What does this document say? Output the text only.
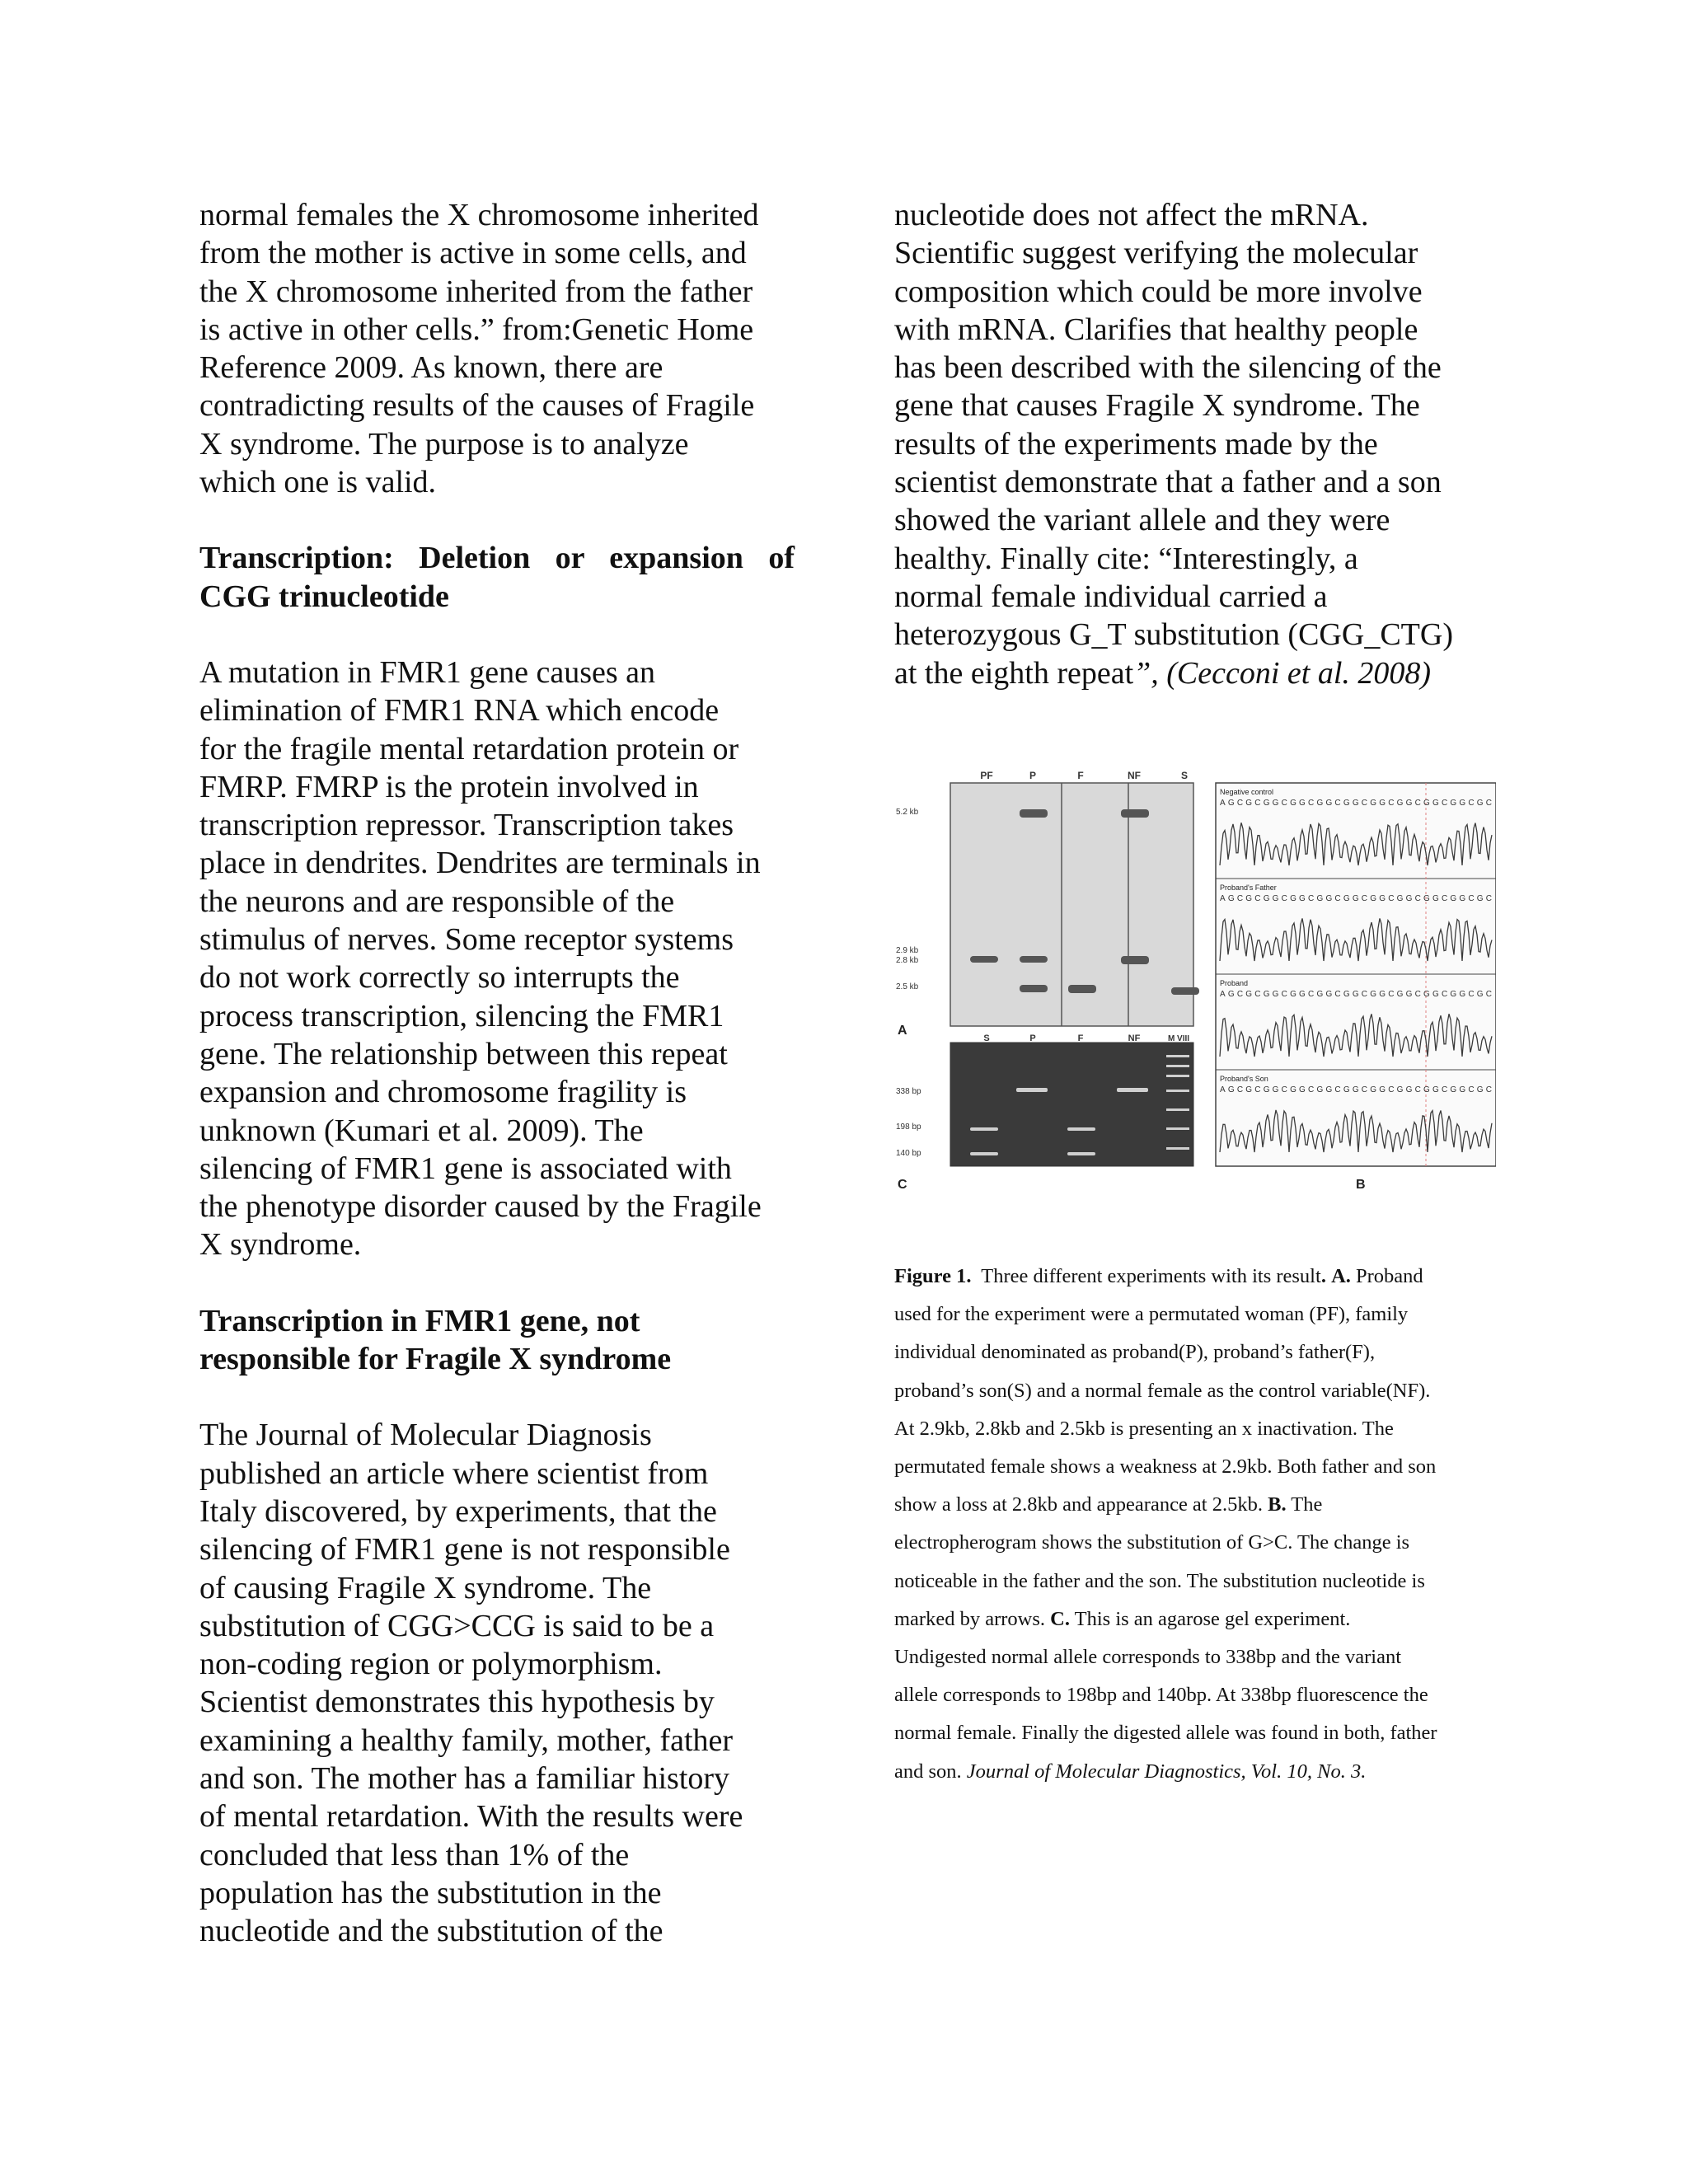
normal females the X chromosome inherited
from the mother is active in some cells, and
the X chromosome inherited from the father
is active in other cells.” from:Genetic Home
Reference 2009. As known, there are
contradicting results of the causes of Fragile
X syndrome. The purpose is to analyze
which one is valid.

Transcription: Deletion or expansion of
CGG trinucleotide

A mutation in FMR1 gene causes an
elimination of FMR1 RNA which encode
for the fragile mental retardation protein or
FMRP. FMRP is the protein involved in
transcription repressor. Transcription takes
place in dendrites. Dendrites are terminals in
the neurons and are responsible of the
stimulus of nerves. Some receptor systems
do not work correctly so interrupts the
process transcription, silencing the FMR1
gene. The relationship between this repeat
expansion and chromosome fragility is
unknown (Kumari et al. 2009). The
silencing of FMR1 gene is associated with
the phenotype disorder caused by the Fragile
X syndrome.

Transcription in FMR1 gene, not
responsible for Fragile X syndrome

The Journal of Molecular Diagnosis
published an article where scientist from
Italy discovered, by experiments, that the
silencing of FMR1 gene is not responsible
of causing Fragile X syndrome. The
substitution of CGG>CCG is said to be a
non-coding region or polymorphism.
Scientist demonstrates this hypothesis by
examining a healthy family, mother, father
and son. The mother has a familiar history
of mental retardation. With the results were
concluded that less than 1% of the
population has the substitution in the
nucleotide and the substitution of the

nucleotide does not affect the mRNA.
Scientific suggest verifying the molecular
composition which could be more involve
with mRNA. Clarifies that healthy people
has been described with the silencing of the
gene that causes Fragile X syndrome. The
results of the experiments made by the
scientist demonstrate that a father and a son
showed the variant allele and they were
healthy. Finally cite: “Interestingly, a
normal female individual carried a
heterozygous G_T substitution (CGG_CTG)
at the eighth repeat”, (Cecconi et al. 2008)

PF	P	F	NF	S
5.2 kb
2.9 kb
2.8 kb
2.5 kb
A
S	P	F	NF	M VIII
338 bp
198 bp
140 bp
C
Negative control
Proband's Father
Proband
Proband's Son
AGCGCGGCGGCGGCGGCGGCGGCGGCGGCGC
AGCGCGGCGGCGGCGGCGGCGGCGGCGGCGC
AGCGCGGCGGCGGCGGCGGCGGCGGCGGCGC
AGCGCGGCGGCGGCGGCGGCGGCGGCGGCGC
B
Figure 1. Three different experiments with its result. A. Proband
used for the experiment were a permutated woman (PF), family
individual denominated as proband(P), proband’s father(F),
proband’s son(S) and a normal female as the control variable(NF).
At 2.9kb, 2.8kb and 2.5kb is presenting an x inactivation. The
permutated female shows a weakness at 2.9kb. Both father and son
show a loss at 2.8kb and appearance at 2.5kb. B. The
electropherogram shows the substitution of G>C. The change is
noticeable in the father and the son. The substitution nucleotide is
marked by arrows. C. This is an agarose gel experiment.
Undigested normal allele corresponds to 338bp and the variant
allele corresponds to 198bp and 140bp. At 338bp fluorescence the
normal female. Finally the digested allele was found in both, father
and son. Journal of Molecular Diagnostics, Vol. 10, No. 3.
